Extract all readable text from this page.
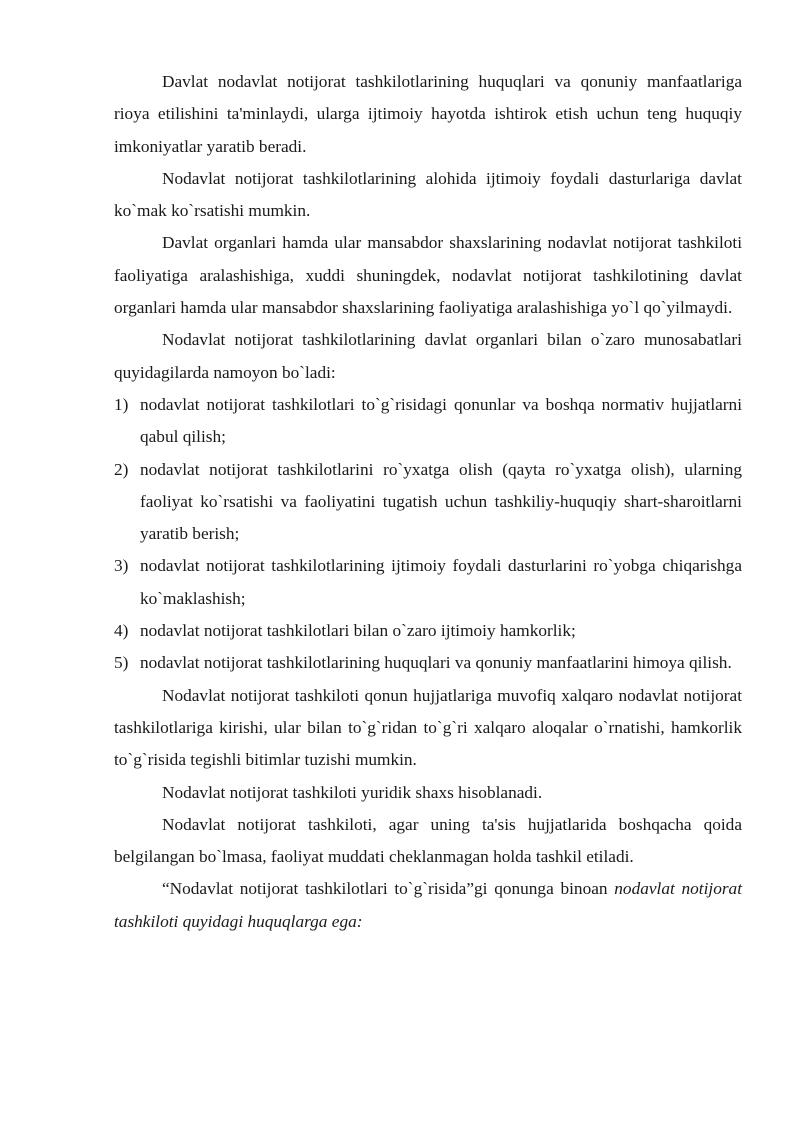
Davlat nodavlat notijorat tashkilotlarining huquqlari va qonuniy manfaatlariga rioya etilishini ta'minlaydi, ularga ijtimoiy hayotda ishtirok etish uchun teng huquqiy imkoniyatlar yaratib beradi.

Nodavlat notijorat tashkilotlarining alohida ijtimoiy foydali dasturlariga davlat ko`mak ko`rsatishi mumkin.

Davlat organlari hamda ular mansabdor shaxslarining nodavlat notijorat tashkiloti faoliyatiga aralashishiga, xuddi shuningdek, nodavlat notijorat tashkilotining davlat organlari hamda ular mansabdor shaxslarining faoliyatiga aralashishiga yo`l qo`yilmaydi.

Nodavlat notijorat tashkilotlarining davlat organlari bilan o`zaro munosabatlari quyidagilarda namoyon bo`ladi:

1) nodavlat notijorat tashkilotlari to`g`risidagi qonunlar va boshqa normativ hujjatlarni qabul qilish;
2) nodavlat notijorat tashkilotlarini ro`yxatga olish (qayta ro`yxatga olish), ularning faoliyat ko`rsatishi va faoliyatini tugatish uchun tashkiliy-huquqiy shart-sharoitlarni yaratib berish;
3) nodavlat notijorat tashkilotlarining ijtimoiy foydali dasturlarini ro`yobga chiqarishga ko`maklashish;
4) nodavlat notijorat tashkilotlari bilan o`zaro ijtimoiy hamkorlik;
5) nodavlat notijorat tashkilotlarining huquqlari va qonuniy manfaatlarini himoya qilish.

Nodavlat notijorat tashkiloti qonun hujjatlariga muvofiq xalqaro nodavlat notijorat tashkilotlariga kirishi, ular bilan to`g`ridan to`g`ri xalqaro aloqalar o`rnatishi, hamkorlik to`g`risida tegishli bitimlar tuzishi mumkin.

Nodavlat notijorat tashkiloti yuridik shaxs hisoblanadi.

Nodavlat notijorat tashkiloti, agar uning ta'sis hujjatlarida boshqacha qoida belgilangan bo`lmasa, faoliyat muddati cheklanmagan holda tashkil etiladi.

“Nodavlat notijorat tashkilotlari to`g`risida”gi qonunga binoan nodavlat notijorat tashkiloti quyidagi huquqlarga ega:
